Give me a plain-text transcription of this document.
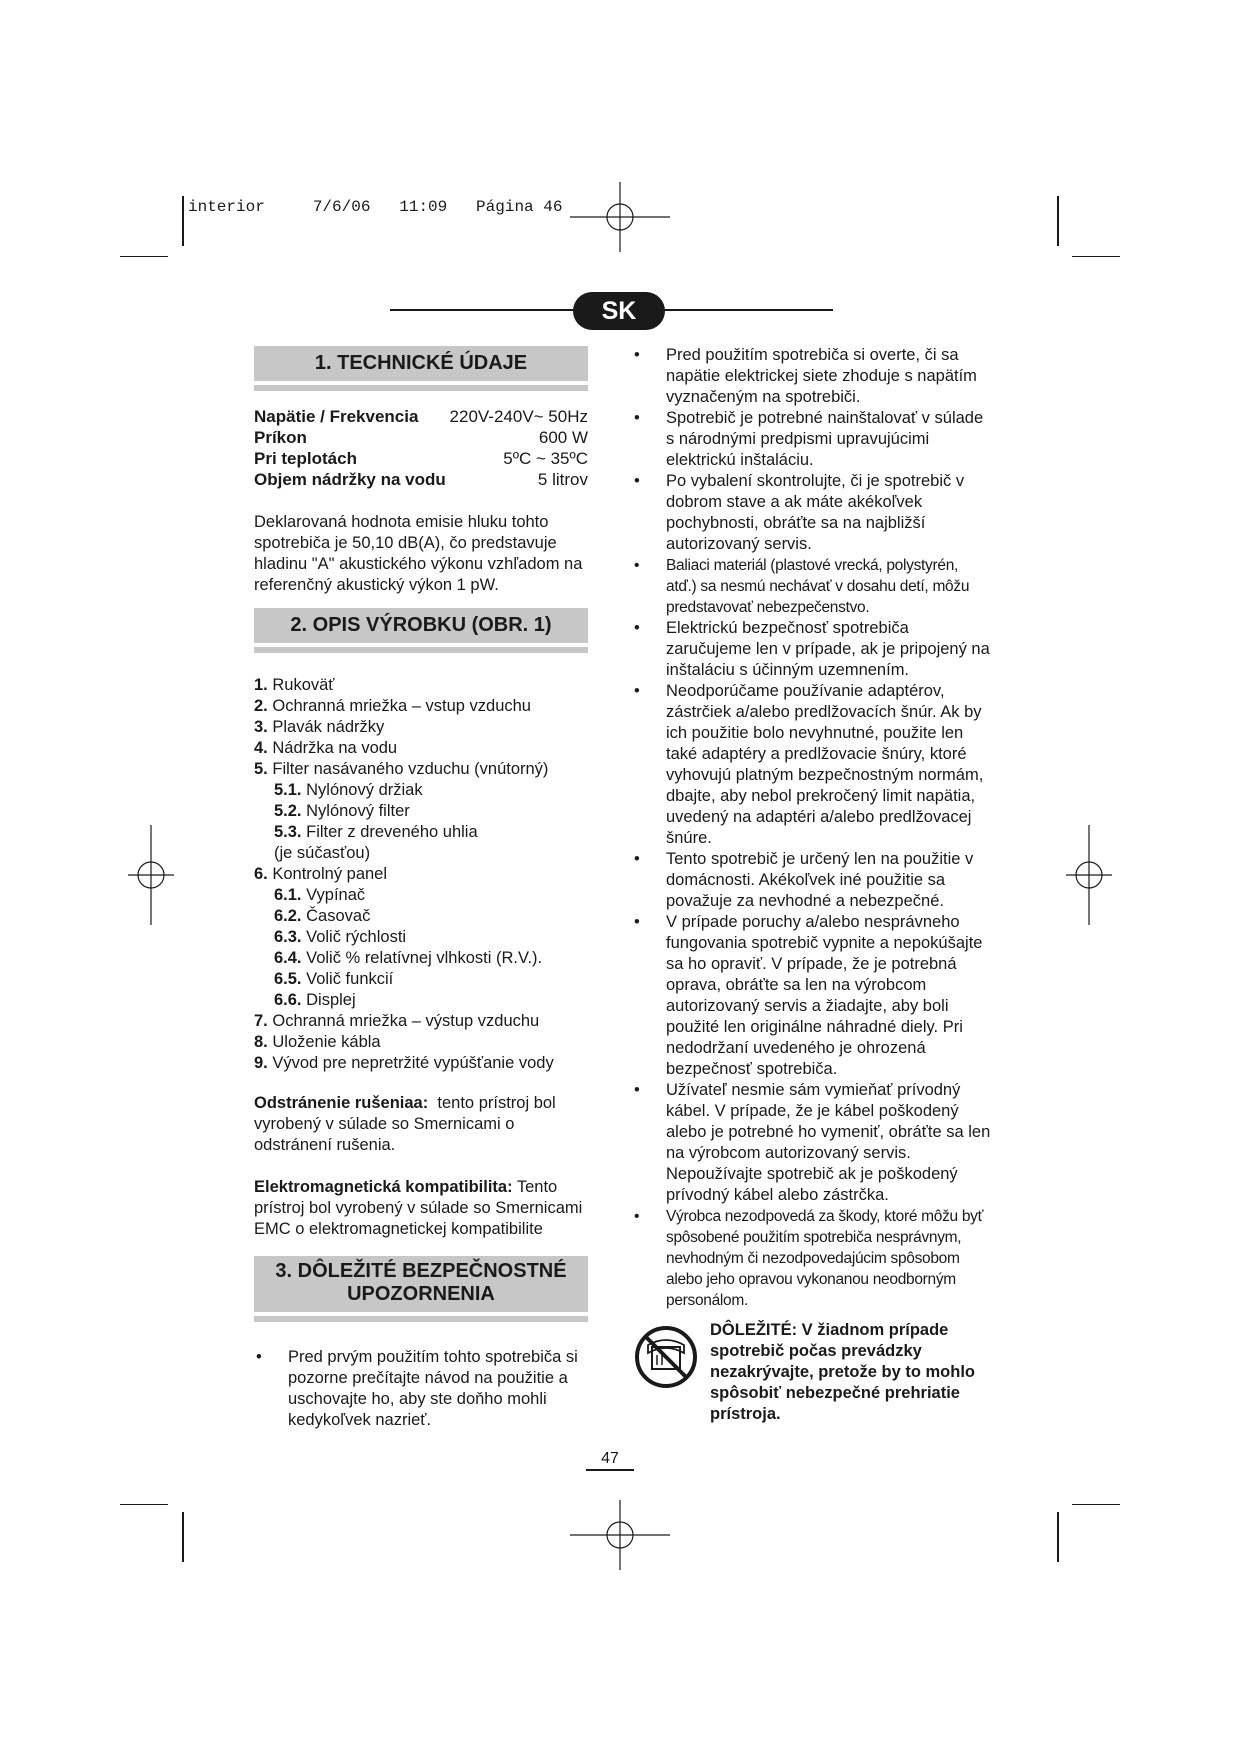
interior     7/6/06   11:09   Página 46
SK
1. TECHNICKÉ ÚDAJE
Napätie / Frekvencia 220V-240V~ 50Hz
Príkon	600 W
Pri teplotách	5ºC ~ 35ºC
Objem nádržky na vodu	5 litrov
Deklarovaná hodnota emisie hluku tohto spotrebiča je 50,10 dB(A), čo predstavuje hladinu "A" akustického výkonu vzhľadom na referenčný akustický výkon 1 pW.
2. OPIS VÝROBKU (OBR. 1)
1. Rukoväť
2. Ochranná mriežka – vstup vzduchu
3. Plavák nádržky
4. Nádržka na vodu
5. Filter nasávaného vzduchu (vnútorný)
5.1. Nylónový držiak
5.2. Nylónový filter
5.3. Filter z dreveného uhlia
(je súčasťou)
6. Kontrolný panel
6.1. Vypínač
6.2. Časovač
6.3. Volič rýchlosti
6.4. Volič % relatívnej vlhkosti (R.V.).
6.5. Volič funkcií
6.6. Displej
7. Ochranná mriežka – výstup vzduchu
8. Uloženie kábla
9. Vývod pre nepretržité vypúšťanie vody
Odstránenie rušeniaa: tento prístroj bol vyrobený v súlade so Smernicami o odstránení rušenia.
Elektromagnetická kompatibilita: Tento prístroj bol vyrobený v súlade so Smernicami EMC o elektromagnetickej kompatibilite
3. DÔLEŽITÉ BEZPEČNOSTNÉ
UPOZORNENIA
• Pred prvým použitím tohto spotrebiča si pozorne prečítajte návod na použitie a uschovajte ho, aby ste doňho mohli kedykoľvek nazrieť.
• Pred použitím spotrebiča si overte, či sa napätie elektrickej siete zhoduje s napätím vyznačeným na spotrebiči.
• Spotrebič je potrebné nainštalovať v súlade s národnými predpismi upravujúcimi elektrickú inštaláciu.
• Po vybalení skontrolujte, či je spotrebič v dobrom stave a ak máte akékoľvek pochybnosti, obráťte sa na najbližší autorizovaný servis.
• Baliaci materiál (plastové vrecká, polystyrén, atď.) sa nesmú nechávať v dosahu detí, môžu predstavovať nebezpečenstvo.
• Elektrickú bezpečnosť spotrebiča zaručujeme len v prípade, ak je pripojený na inštaláciu s účinným uzemnením.
• Neodporúčame používanie adaptérov, zástrčiek a/alebo predlžovacích šnúr. Ak by ich použitie bolo nevyhnutné, použite len také adaptéry a predlžovacie šnúry, ktoré vyhovujú platným bezpečnostným normám, dbajte, aby nebol prekročený limit napätia, uvedený na adaptéri a/alebo predlžovacej šnúre.
• Tento spotrebič je určený len na použitie v domácnosti. Akékoľvek iné použitie sa považuje za nevhodné a nebezpečné.
• V prípade poruchy a/alebo nesprávneho fungovania spotrebič vypnite a nepokúšajte sa ho opraviť. V prípade, že je potrebná oprava, obráťte sa len na výrobcom autorizovaný servis a žiadajte, aby boli použité len originálne náhradné diely. Pri nedodržaní uvedeného je ohrozená bezpečnosť spotrebiča.
• Užívateľ nesmie sám vymieňať prívodný kábel. V prípade, že je kábel poškodený alebo je potrebné ho vymeniť, obráťte sa len na výrobcom autorizovaný servis. Nepoužívajte spotrebič ak je poškodený prívodný kábel alebo zástrčka.
• Výrobca nezodpovedá za škody, ktoré môžu byť spôsobené použitím spotrebiča nesprávnym, nevhodným či nezodpovedajúcim spôsobom alebo jeho opravou vykonanou neodborným personálom.
DÔLEŽITÉ: V žiadnom prípade spotrebič počas prevádzky nezakrývajte, pretože by to mohlo spôsobiť nebezpečné prehriatie prístroja.
47
